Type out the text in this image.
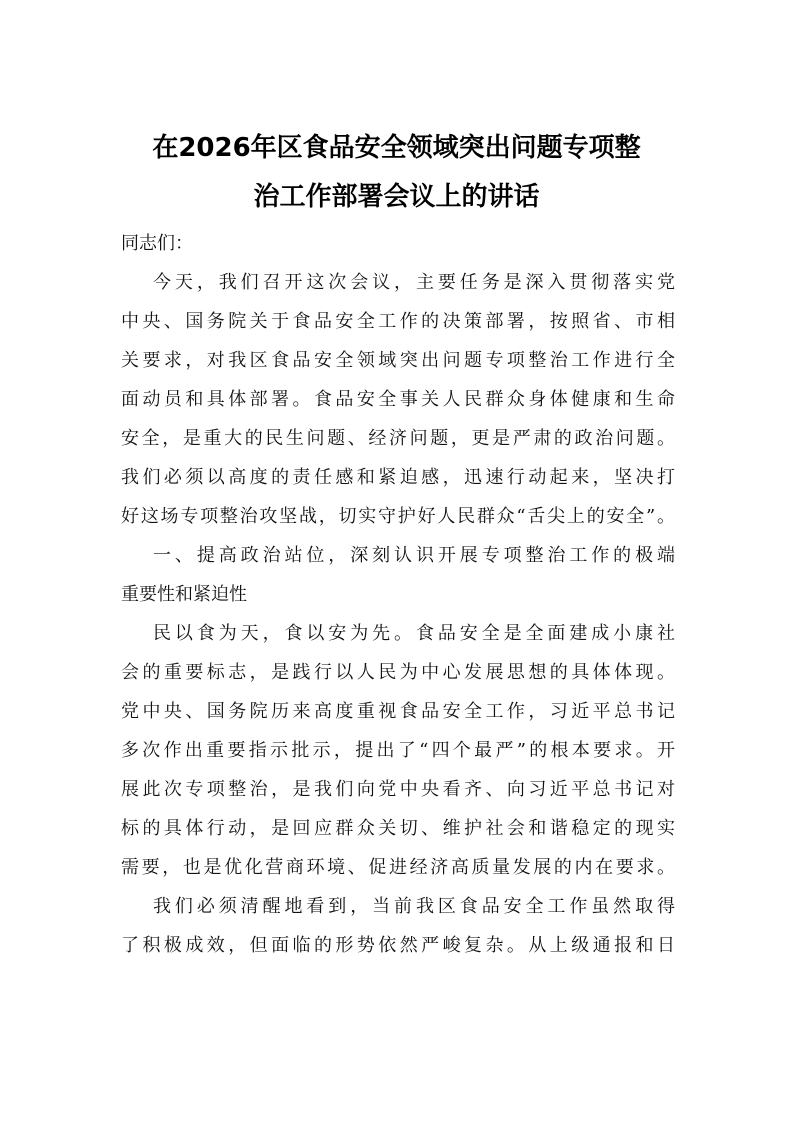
在2026年区食品安全领域突出问题专项整
治工作部署会议上的讲话
同志们：
今天，我们召开这次会议，主要任务是深入贯彻落实党
中央、国务院关于食品安全工作的决策部署，按照省、市相
关要求，对我区食品安全领域突出问题专项整治工作进行全
面动员和具体部署。食品安全事关人民群众身体健康和生命
安全，是重大的民生问题、经济问题，更是严肃的政治问题。
我们必须以高度的责任感和紧迫感，迅速行动起来，坚决打
好这场专项整治攻坚战，切实守护好人民群众“舌尖上的安全”。
一、提高政治站位，深刻认识开展专项整治工作的极端
重要性和紧迫性
民以食为天，食以安为先。食品安全是全面建成小康社
会的重要标志，是践行以人民为中心发展思想的具体体现。
党中央、国务院历来高度重视食品安全工作，习近平总书记
多次作出重要指示批示，提出了“四个最严”的根本要求。开
展此次专项整治，是我们向党中央看齐、向习近平总书记对
标的具体行动，是回应群众关切、维护社会和谐稳定的现实
需要，也是优化营商环境、促进经济高质量发展的内在要求。
我们必须清醒地看到，当前我区食品安全工作虽然取得
了积极成效，但面临的形势依然严峻复杂。从上级通报和日
